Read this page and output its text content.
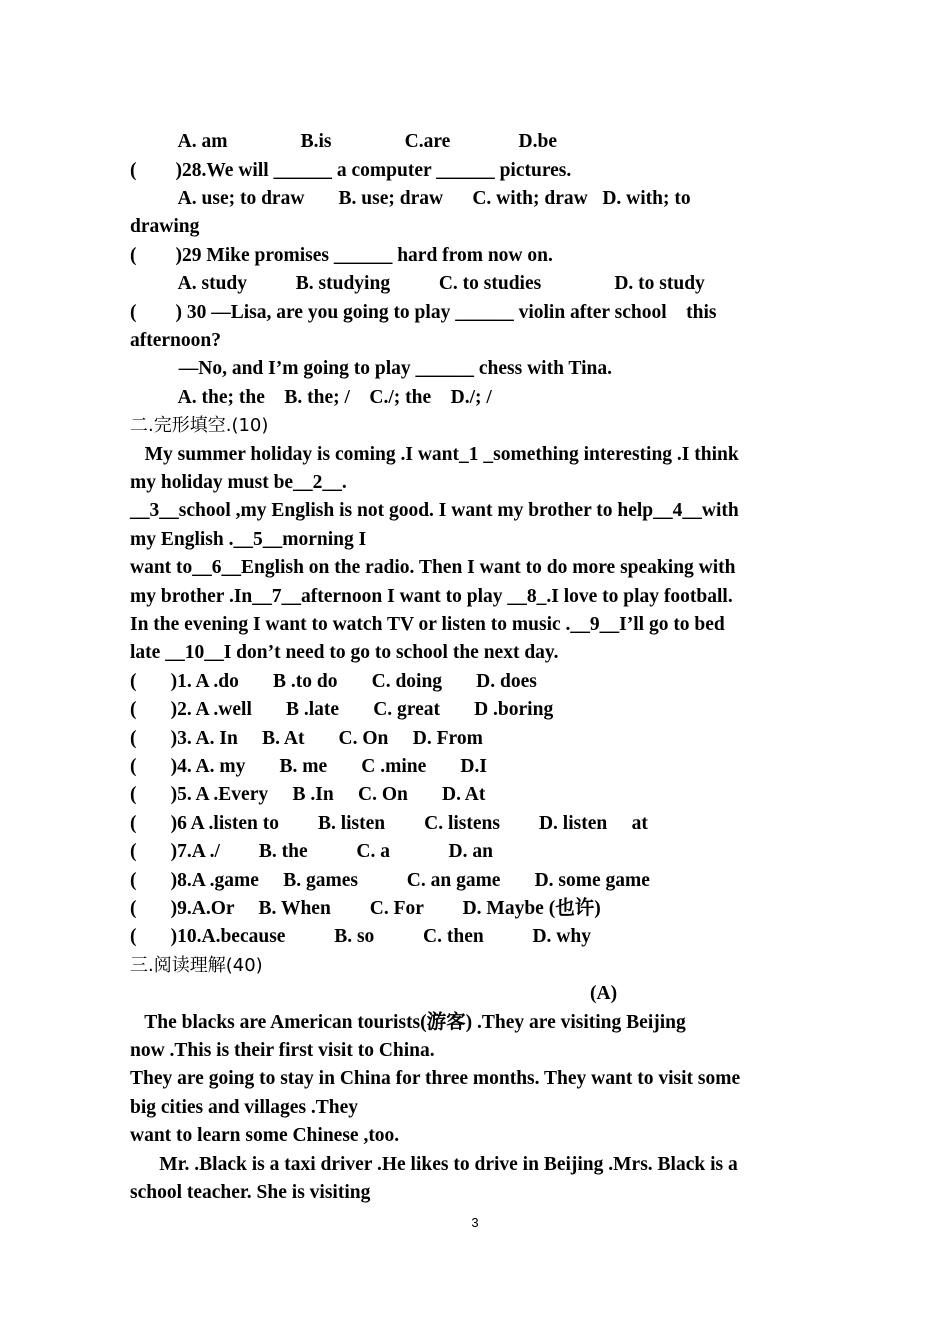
A. am               B.is               C.are              D.be
(        )28.We will ______ a computer ______ pictures.
A. use; to draw       B. use; draw      C. with; draw   D. with; to
drawing
(        )29 Mike promises ______ hard from now on.
A. study          B. studying          C. to studies               D. to study
(        ) 30 —Lisa, are you going to play ______ violin after school    this
afternoon?
—No, and I’m going to play ______ chess with Tina.
A. the; the    B. the; /    C./; the    D./; /
二.完形填空.(10)
My summer holiday is coming .I want_1 _something interesting .I think
my holiday must be__2__.
__3__school ,my English is not good. I want my brother to help__4__with
my English .__5__morning I
want to__6__English on the radio. Then I want to do more speaking with
my brother .In__7__afternoon I want to play __8_.I love to play football.
In the evening I want to watch TV or listen to music .__9__I’ll go to bed
late __10__I don’t need to go to school the next day.
(       )1. A .do       B .to do       C. doing       D. does
(       )2. A .well       B .late       C. great       D .boring
(       )3. A. In     B. At       C. On     D. From
(       )4. A. my       B. me       C .mine       D.I
(       )5. A .Every     B .In     C. On       D. At
(       )6 A .listen to        B. listen        C. listens        D. listen     at
(       )7.A ./        B. the          C. a            D. an
(       )8.A .game     B. games          C. an game       D. some game
(       )9.A.Or     B. When        C. For        D. Maybe (也许)
(       )10.A.because          B. so          C. then          D. why
三.阅读理解(40)
(A)
The blacks are American tourists(游客) .They are visiting Beijing
now .This is their first visit to China.
They are going to stay in China for three months. They want to visit some
big cities and villages .They
want to learn some Chinese ,too.
Mr. .Black is a taxi driver .He likes to drive in Beijing .Mrs. Black is a
school teacher. She is visiting
3
